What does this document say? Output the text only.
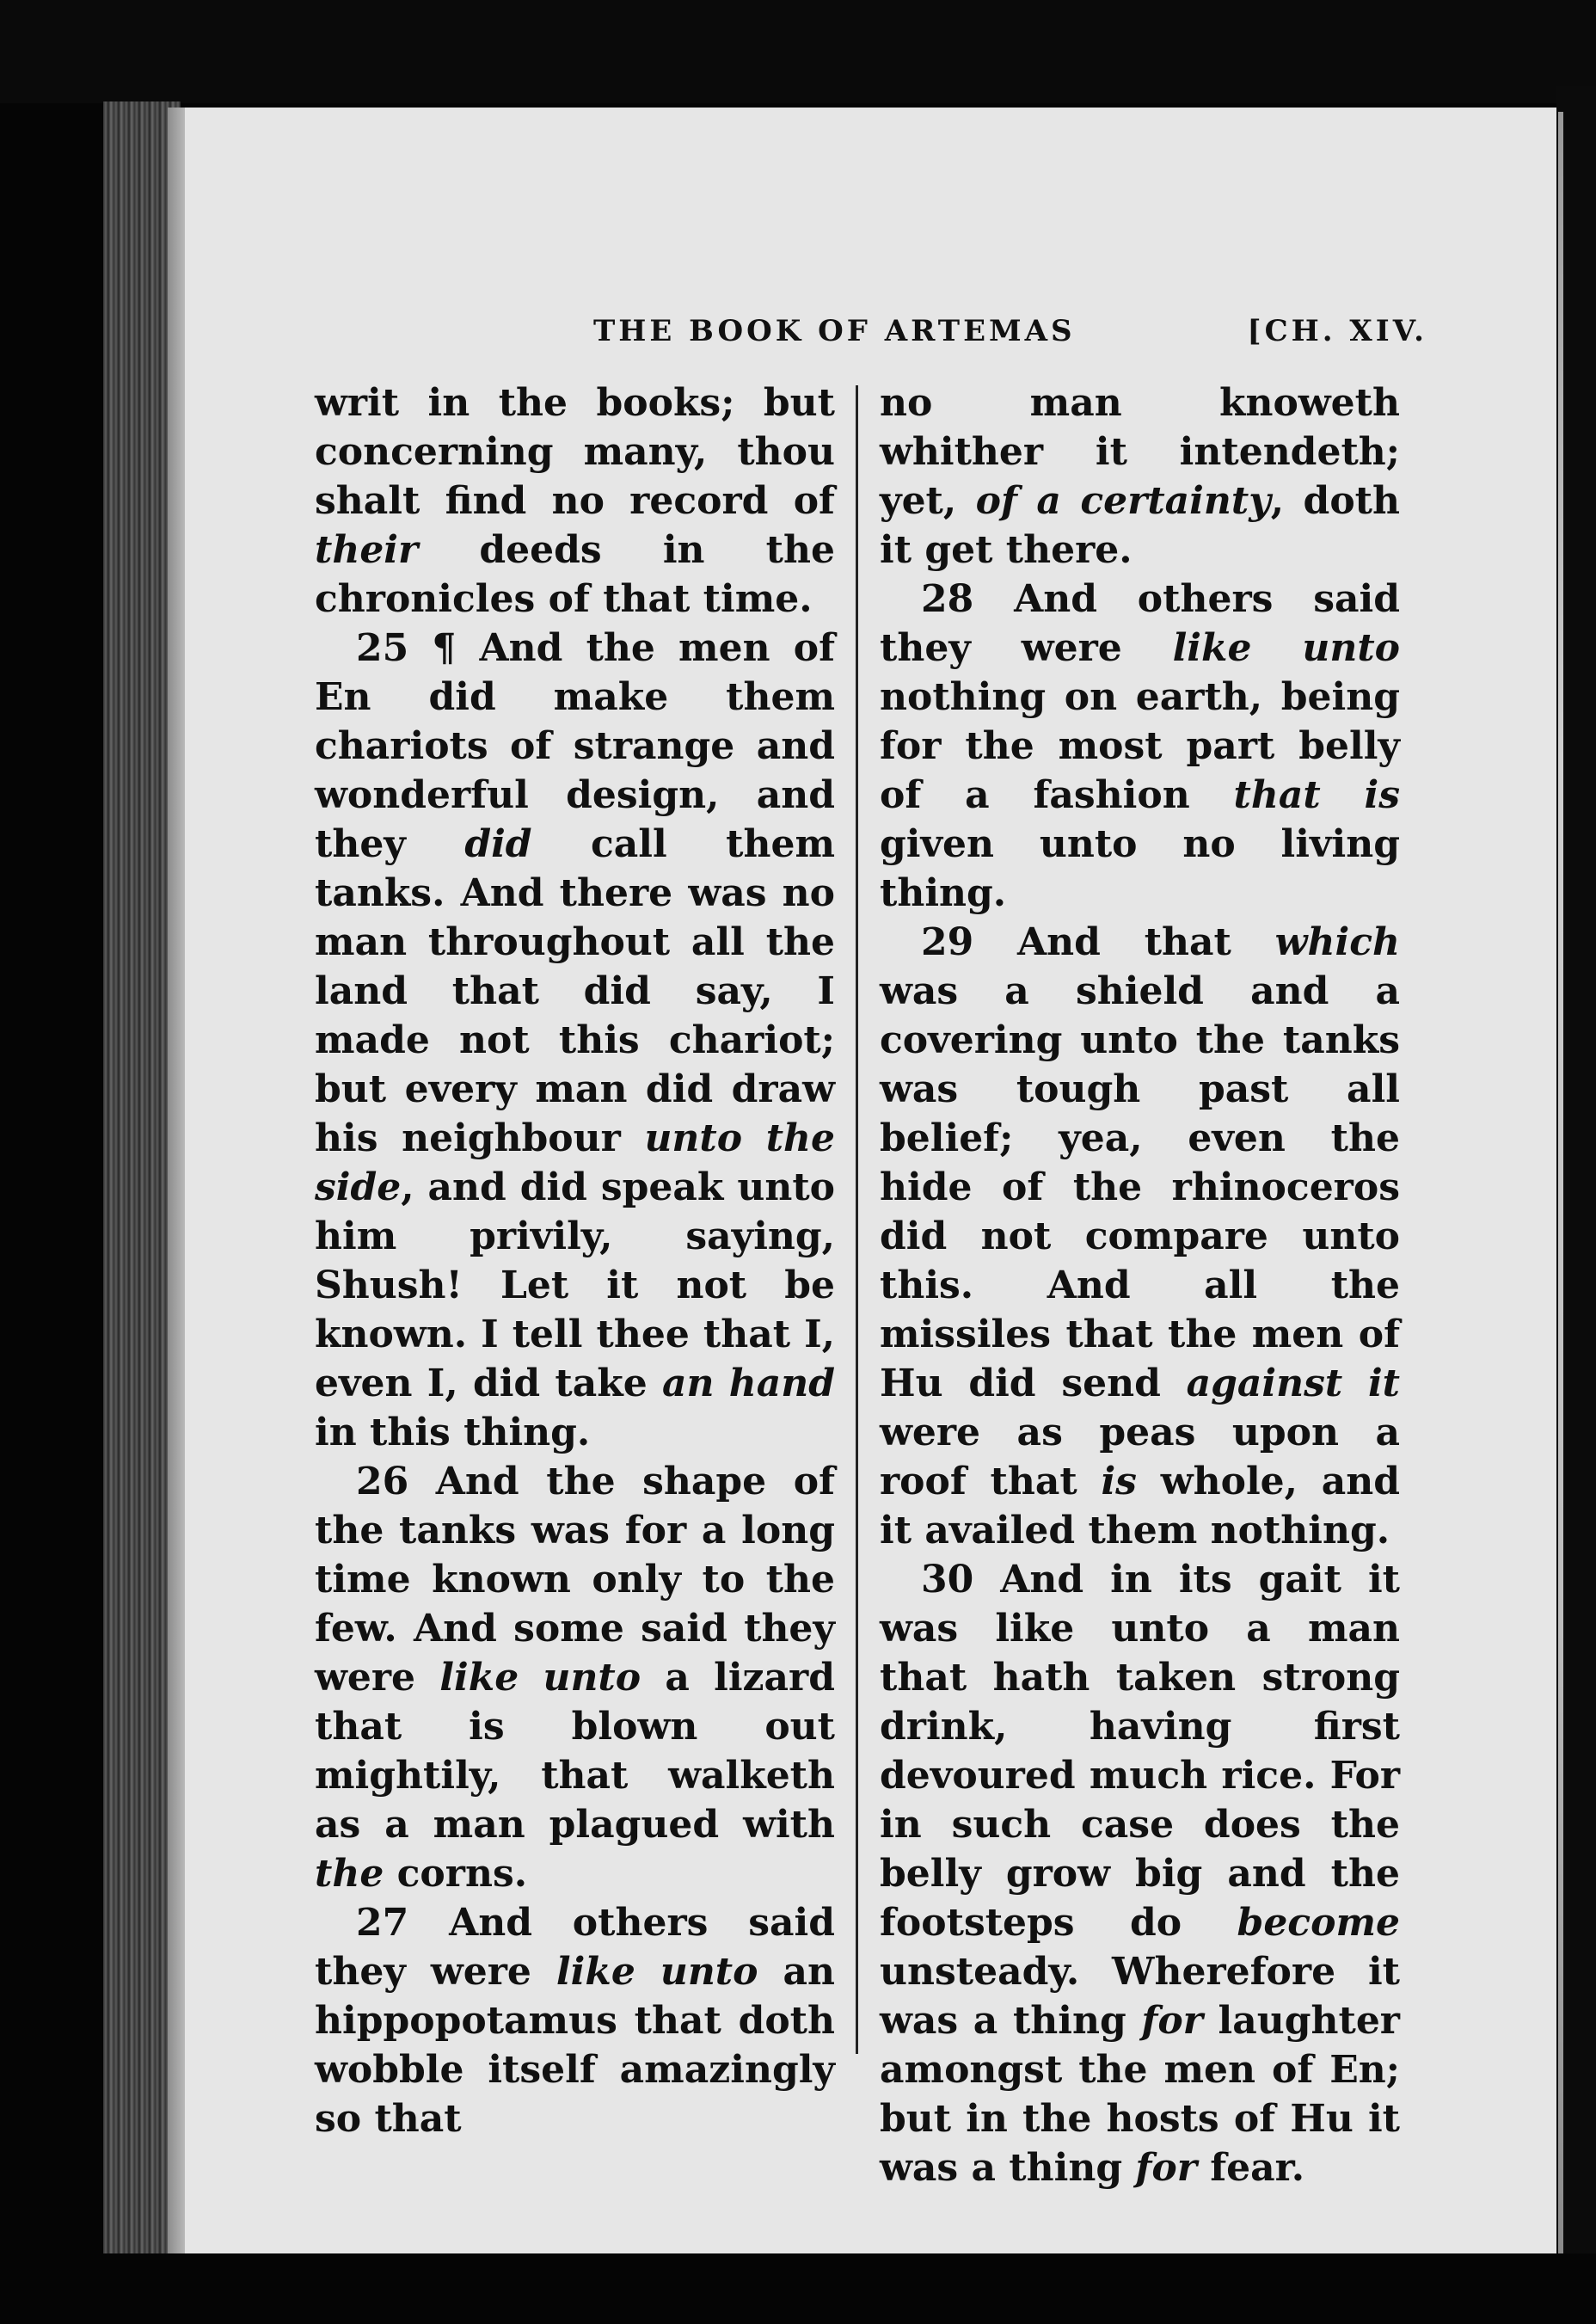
THE BOOK OF ARTEMAS	[CH. XIV.

writ in the books; but concerning many, thou shalt find no record of their deeds in the chronicles of that time.

25 ¶ And the men of En did make them chariots of strange and wonderful design, and they did call them tanks. And there was no man throughout all the land that did say, I made not this chariot; but every man did draw his neighbour unto the side, and did speak unto him privily, saying, Shush! Let it not be known. I tell thee that I, even I, did take an hand in this thing.

26 And the shape of the tanks was for a long time known only to the few. And some said they were like unto a lizard that is blown out mightily, that walketh as a man plagued with the corns.

27 And others said they were like unto an hippopotamus that doth wobble itself amazingly so that

no man knoweth whither it intendeth; yet, of a certainty, doth it get there.

28 And others said they were like unto nothing on earth, being for the most part belly of a fashion that is given unto no living thing.

29 And that which was a shield and a covering unto the tanks was tough past all belief; yea, even the hide of the rhinoceros did not compare unto this. And all the missiles that the men of Hu did send against it were as peas upon a roof that is whole, and it availed them nothing.

30 And in its gait it was like unto a man that hath taken strong drink, having first devoured much rice. For in such case does the belly grow big and the footsteps do become unsteady. Wherefore it was a thing for laughter amongst the men of En; but in the hosts of Hu it was a thing for fear.
